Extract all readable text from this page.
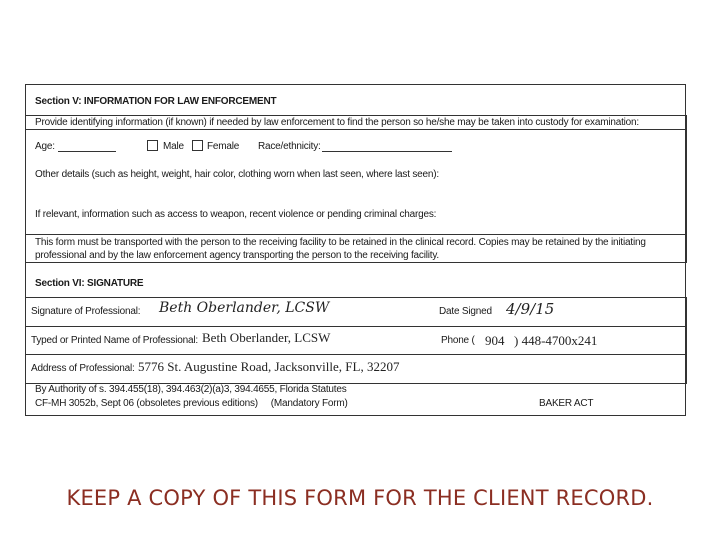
Section V: INFORMATION FOR LAW ENFORCEMENT
Provide identifying information (if known) if needed by law enforcement to find the person so he/she may be taken into custody for examination:
Age:	Male Female Race/ethnicity:
Other details (such as height, weight, hair color, clothing worn when last seen, where last seen):
If relevant, information such as access to weapon, recent violence or pending criminal charges:
This form must be transported with the person to the receiving facility to be retained in the clinical record. Copies may be retained by the initiating
professional and by the law enforcement agency transporting the person to the receiving facility.
Section VI: SIGNATURE
Signature of Professional: Beth Oberlander, LCSW	Date Signed 4/9/15
Typed or Printed Name of Professional: Beth Oberlander, LCSW	Phone ( 904 ) 448-4700x241
Address of Professional: 5776 St. Augustine Road, Jacksonville, FL, 32207
By Authority of s. 394.455(18), 394.463(2)(a)3, 394.4655, Florida Statutes
CF-MH 3052b, Sept 06 (obsoletes previous editions)     (Mandatory Form)	BAKER ACT
KEEP A COPY OF THIS FORM FOR THE CLIENT RECORD.
